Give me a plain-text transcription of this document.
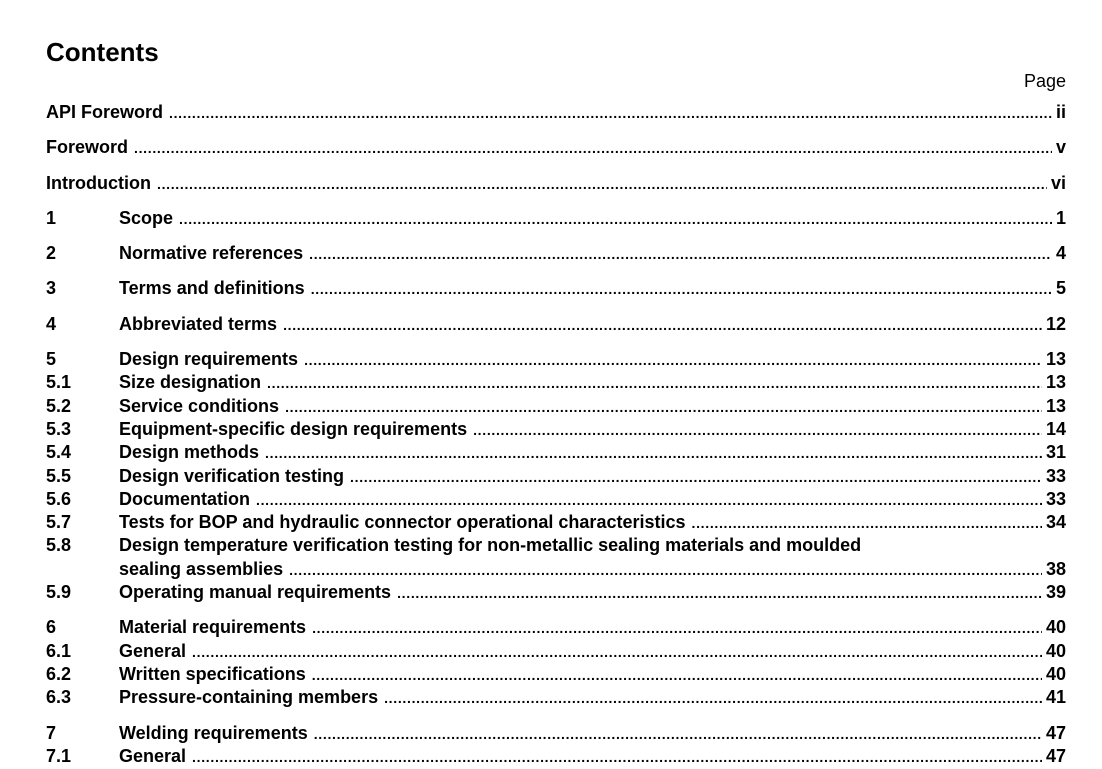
Contents
Page
API Foreword . . .	ii
Foreword . . .	v
Introduction . . .	vi
1	Scope . . .	1
2	Normative references . . .	4
3	Terms and definitions . . .	5
4	Abbreviated terms . . .	12
5	Design requirements . . .	13
5.1	Size designation . . .	13
5.2	Service conditions . . .	13
5.3	Equipment-specific design requirements . . .	14
5.4	Design methods . . .	31
5.5	Design verification testing . . .	33
5.6	Documentation . . .	33
5.7	Tests for BOP and hydraulic connector operational characteristics . . .	34
5.8	Design temperature verification testing for non-metallic sealing materials and moulded
sealing assemblies . . .	38
5.9	Operating manual requirements . . .	39
6	Material requirements . . .	40
6.1	General . . .	40
6.2	Written specifications . . .	40
6.3	Pressure-containing members . . .	41
7	Welding requirements . . .	47
7.1	General . . .	47
